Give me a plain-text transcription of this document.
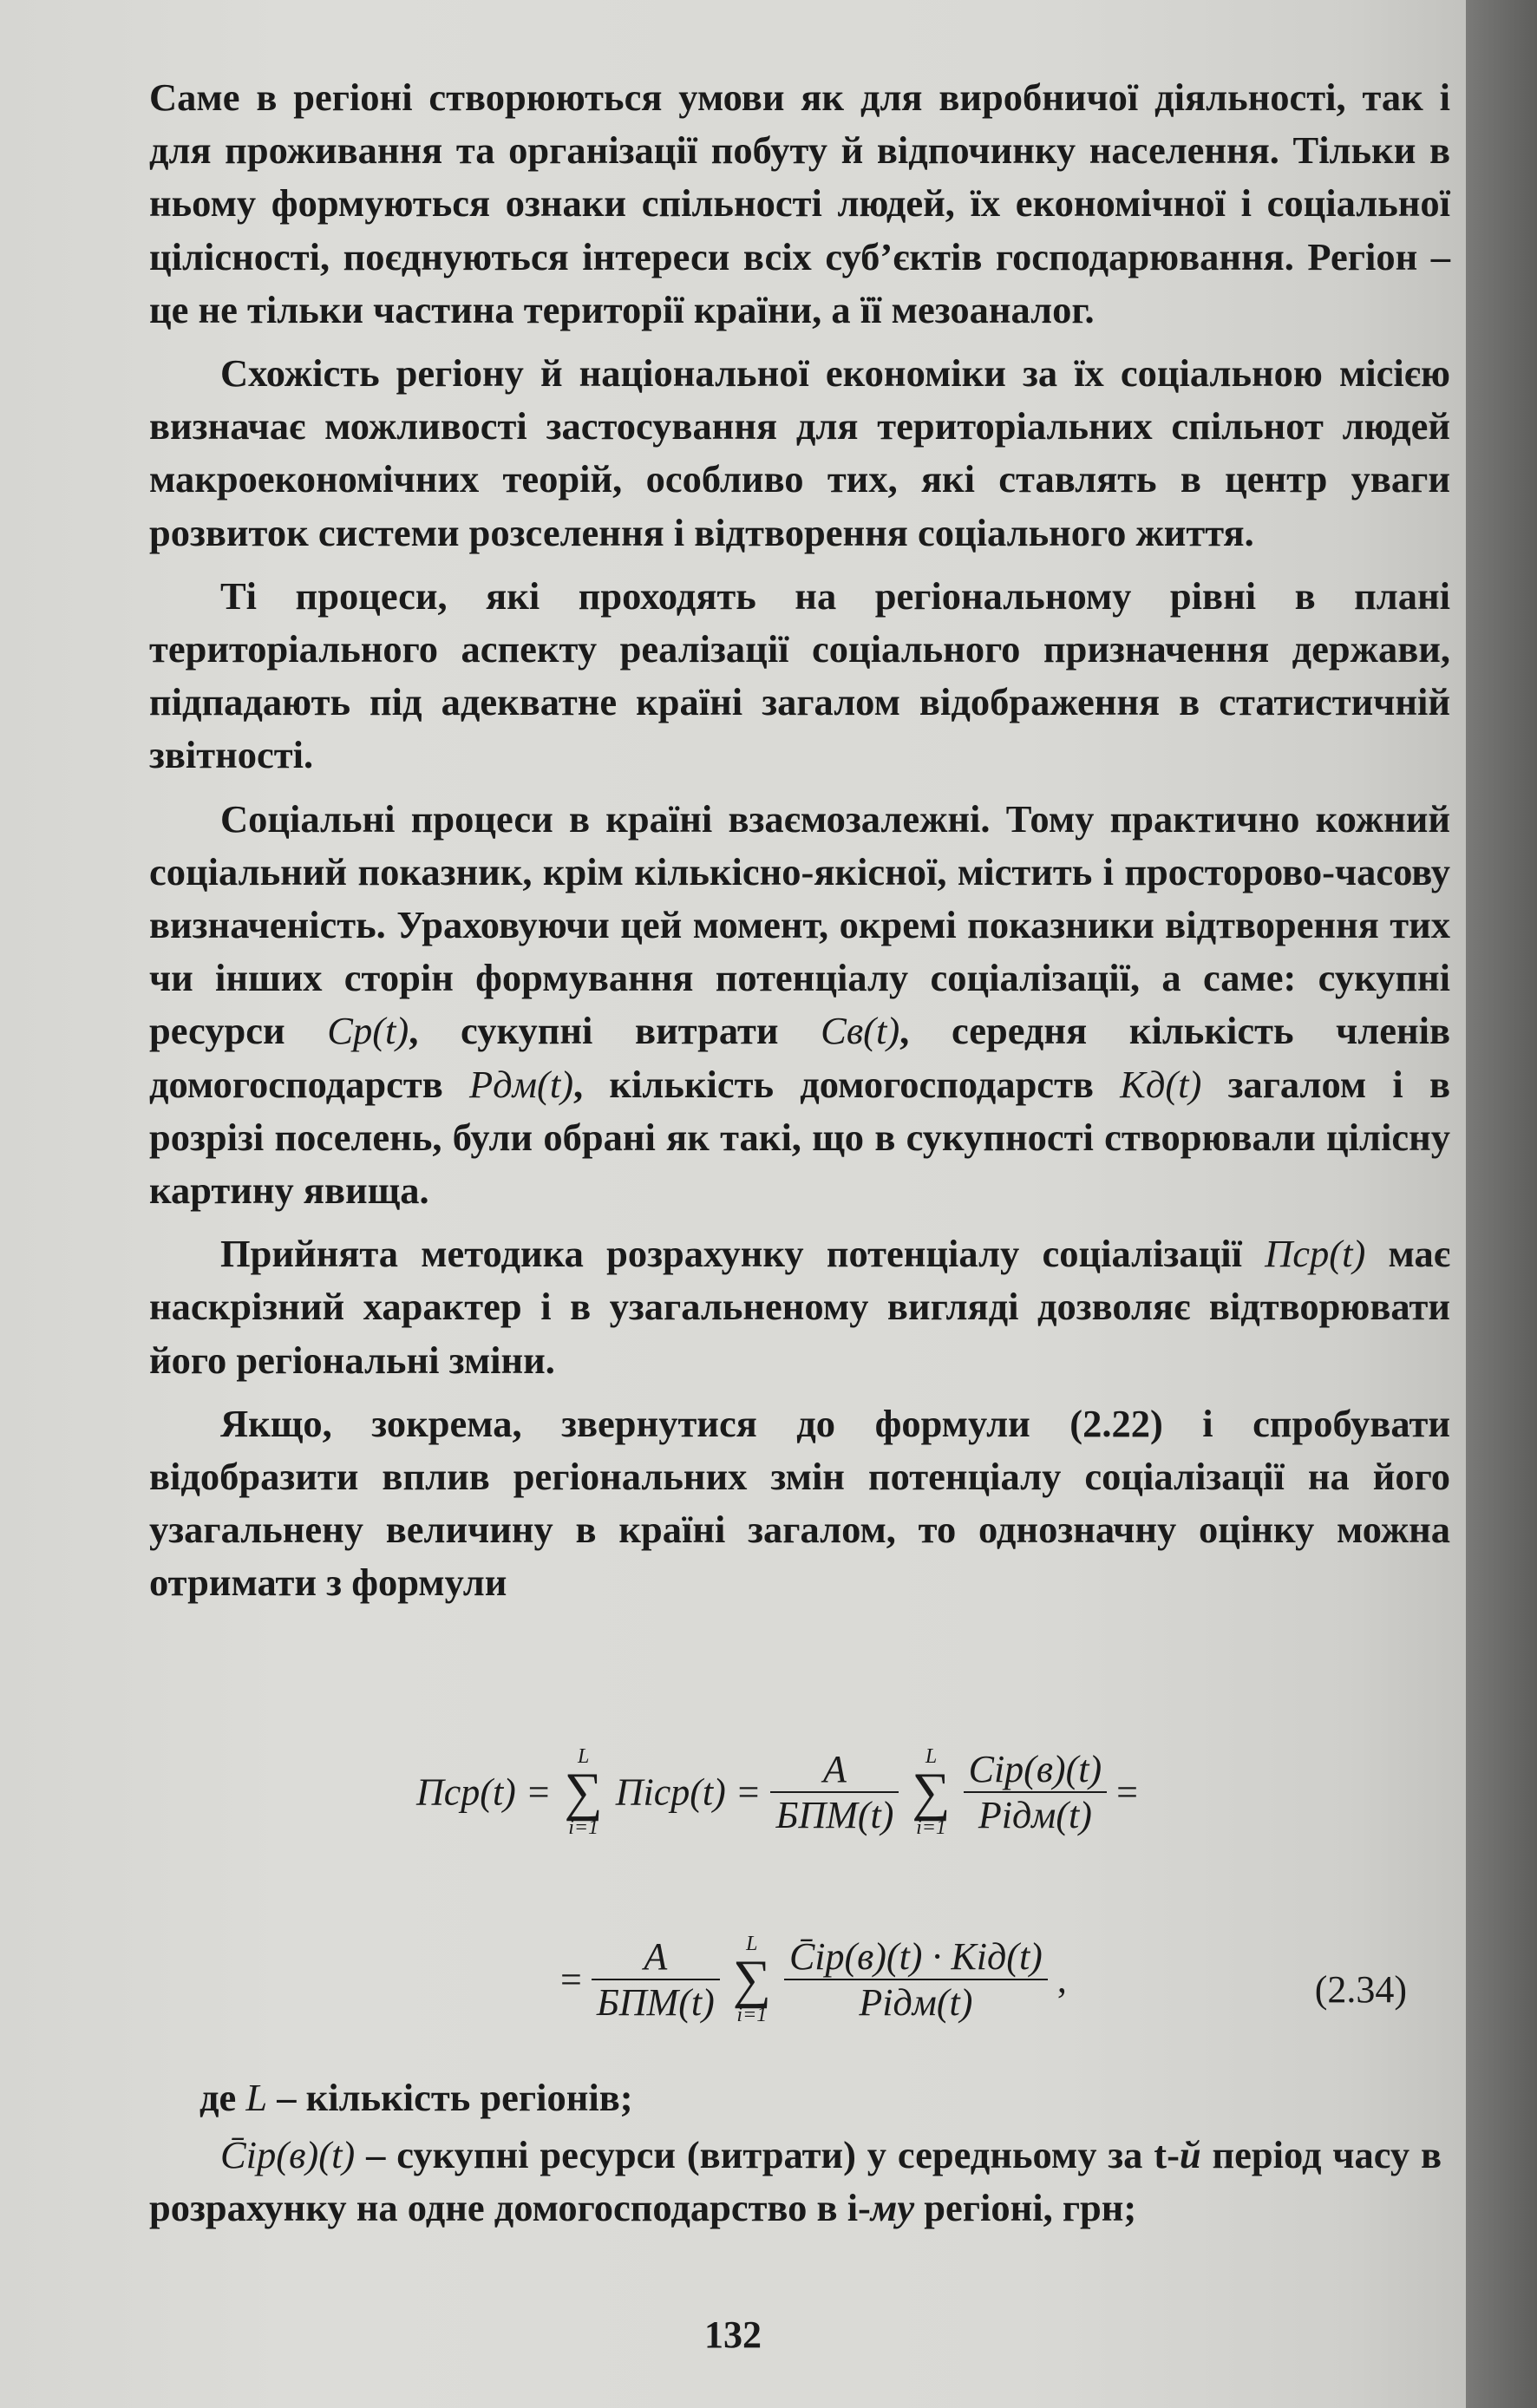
Саме в регіоні створюються умови як для виробничої діяльності, так і для проживання та організації побуту й відпочинку населення. Тільки в ньому формуються ознаки спільності людей, їх економічної і соціальної цілісності, поєднуються інтереси всіх суб’єктів господарювання. Регіон – це не тільки частина території країни, а її мезоаналог.

Схожість регіону й національної економіки за їх соціальною місією визначає можливості застосування для територіальних спільнот людей макроекономічних теорій, особливо тих, які ставлять в центр уваги розвиток системи розселення і відтворення соціального життя.

Ті процеси, які проходять на регіональному рівні в плані територіального аспекту реалізації соціального призначення держави, підпадають під адекватне країні загалом відображення в статистичній звітності.

Соціальні процеси в країні взаємозалежні. Тому практично кожний соціальний показник, крім кількісно-якісної, містить і просторово-часову визначеність. Ураховуючи цей момент, окремі показники відтворення тих чи інших сторін формування потенціалу соціалізації, а саме: сукупні ресурси Cр(t), сукупні витрати Cв(t), середня кількість членів домогосподарств Pдм(t), кількість домогосподарств Kд(t) загалом і в розрізі поселень, були обрані як такі, що в сукупності створювали цілісну картину явища.

Прийнята методика розрахунку потенціалу соціалізації Пср(t) має наскрізний характер і в узагальненому вигляді дозволяє відтворювати його регіональні зміни.

Якщо, зокрема, звернутися до формули (2.22) і спробувати відобразити вплив регіональних змін потенціалу соціалізації на його узагальнену величину в країні загалом, то однозначну оцінку можна отримати з формули

Пср(t) =
L
∑
i=1
Піср(t) = $\frac{A}{\text{БПМ(t)}}$
	L
∑
i=1
$\frac{\text{Cір(в)(t)}}{\text{Рідм(t)}}$ =
= $\frac{A}{\text{БПМ(t)}}$
	L
∑
i=1
$\frac{\text{C̄ір(в)(t) · Kід(t)}}{\text{Рідм(t)}}$ ,	(2.34)
де L – кількість регіонів;
C̄ір(в)(t) – сукупні ресурси (витрати) у середньому за t-й період часу в розрахунку на одне домогосподарство в i-му регіоні, грн;
132
